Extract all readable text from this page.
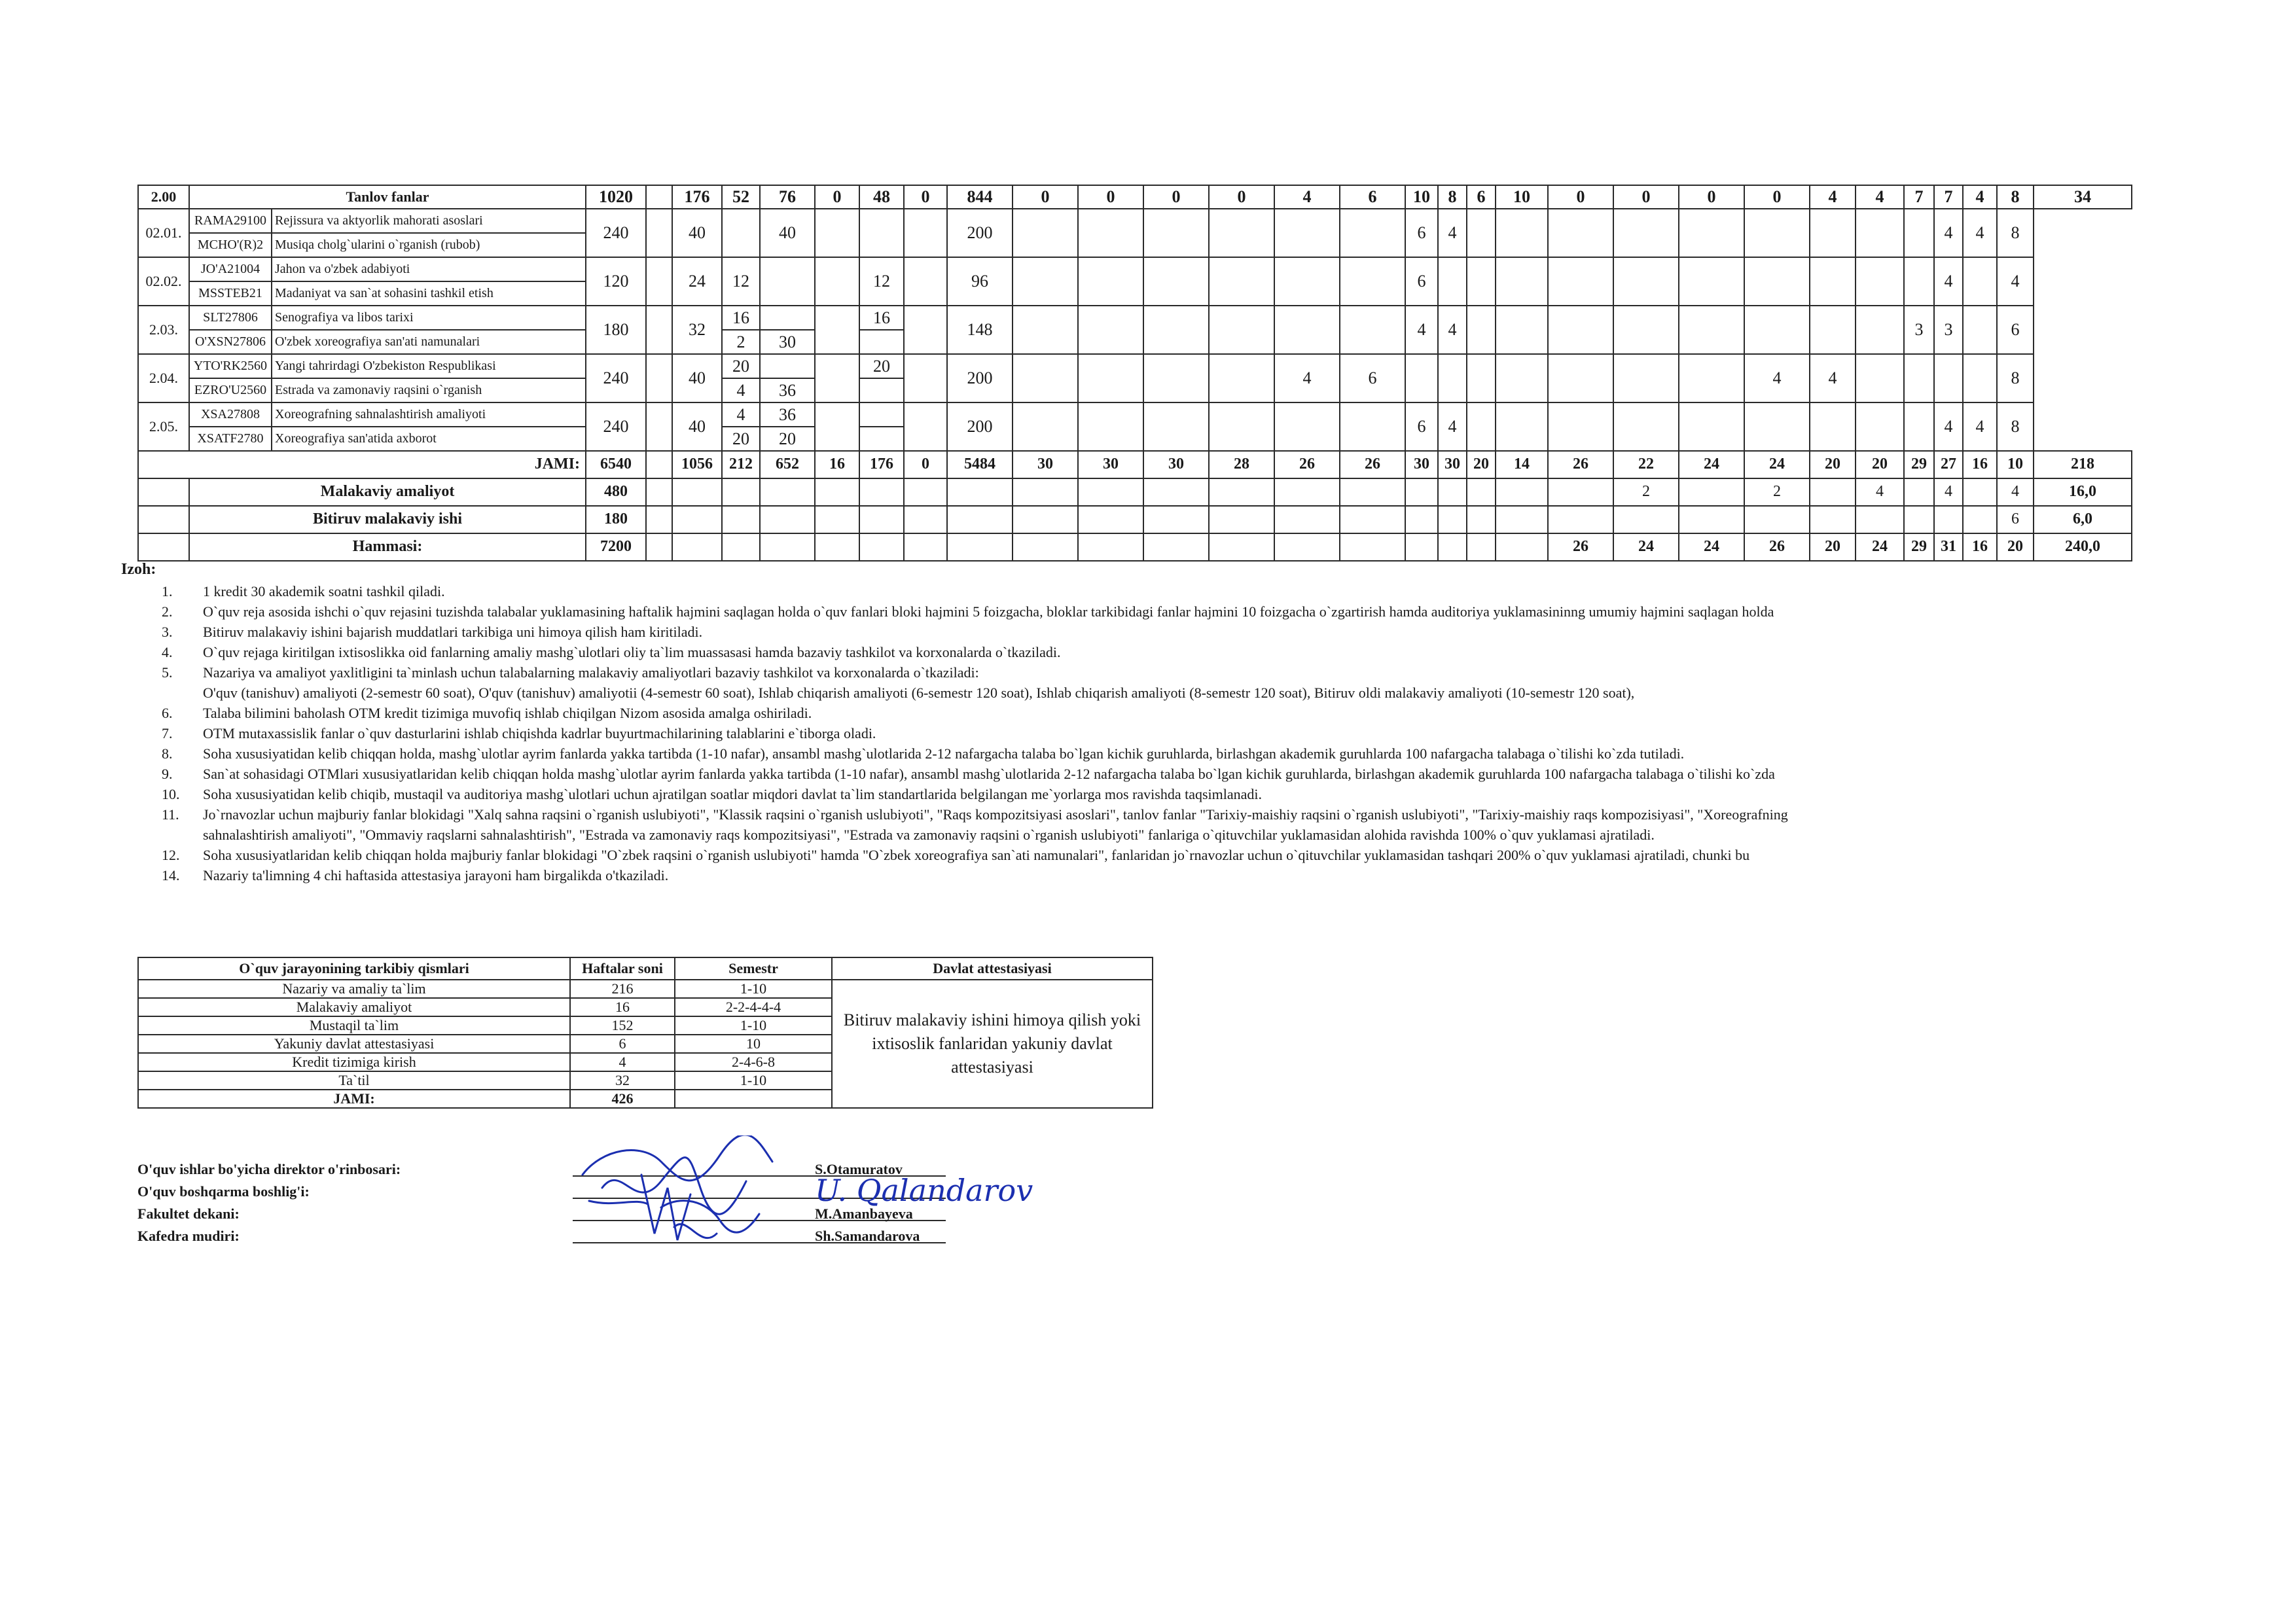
2.00	Tanlov fanlar		1020		176	52	76	0	48	0	844	0	0	0	0	4	6	10	8	6	10	0	0	0	0	4	4	7	7	4	8	34
02.01.	RAMA29100	Rejissura va aktyorlik mahorati asoslari	240		40		40				200							6	4										4	4	8	
	MCHO'(R)2	Musiqa cholg`ularini o`rganish (rubob)																														
02.02.	JO'A21004	Jahon va o'zbek adabiyoti	120		24	12			12		96							6											4		4	
	MSSTEB21	Madaniyat va san`at sohasini tashkil etish																														
2.03.	SLT27806	Senografiya va libos tarixi	180		32	16			16		148							4	4									3	3		6	
	O'XSN27806	O'zbek xoreografiya san'ati namunalari				2	30																									
2.04.	YTO'RK2560	Yangi tahrirdagi O'zbekiston Respublikasi	240		40	20			20		200					4	6								4	4					8	
	EZRO'U2560	Estrada va zamonaviy raqsini o`rganish				4	36																									
2.05.	XSA27808	Xoreografning sahnalashtirish amaliyoti	240		40	4	36				200							6	4										4	4	8	
	XSATF2780	Xoreografiya san'atida axborot				20	20																									
JAMI:			6540		1056	212	652	16	176	0	5484	30	30	30	28	26	26	30	30	20	14	26	22	24	24	20	20	29	27	16	10	218
	Malakaviy amaliyot		480																				2		2		4		4		4	16,0
	Bitiruv malakaviy ishi		180																												6	6,0
	Hammasi:		7200																			26	24	24	26	20	24	29	31	16	20	240,0
Izoh:
1.	1 kredit 30 akademik soatni tashkil qiladi.
2.	O`quv reja asosida ishchi o`quv rejasini tuzishda talabalar yuklamasining haftalik hajmini saqlagan holda o`quv fanlari bloki hajmini 5 foizgacha, bloklar tarkibidagi fanlar hajmini 10 foizgacha o`zgartirish hamda auditoriya yuklamasininng umumiy hajmini saqlagan holda
3.	Bitiruv malakaviy ishini bajarish muddatlari tarkibiga uni himoya qilish ham kiritiladi.
4.	O`quv rejaga kiritilgan ixtisoslikka oid fanlarning amaliy mashg`ulotlari oliy ta`lim muassasasi hamda bazaviy tashkilot va korxonalarda o`tkaziladi.
5.	Nazariya va amaliyot yaxlitligini ta`minlash uchun talabalarning malakaviy amaliyotlari bazaviy tashkilot va korxonalarda o`tkaziladi:
O'quv (tanishuv) amaliyoti (2-semestr 60 soat), O'quv (tanishuv) amaliyotii (4-semestr 60 soat), Ishlab chiqarish amaliyoti (6-semestr 120 soat), Ishlab chiqarish amaliyoti (8-semestr 120 soat), Bitiruv oldi malakaviy amaliyoti (10-semestr 120 soat),
6.	Talaba bilimini baholash OTM kredit tizimiga muvofiq ishlab chiqilgan Nizom asosida amalga oshiriladi.
7.	OTM mutaxassislik fanlar o`quv dasturlarini ishlab chiqishda kadrlar buyurtmachilarining talablarini e`tiborga oladi.
8.	Soha xususiyatidan kelib chiqqan holda, mashg`ulotlar ayrim fanlarda yakka tartibda (1-10 nafar), ansambl mashg`ulotlarida 2-12 nafargacha talaba bo`lgan kichik guruhlarda, birlashgan akademik guruhlarda 100 nafargacha talabaga o`tilishi ko`zda tutiladi.
9.	San`at sohasidagi OTMlari xususiyatlaridan kelib chiqqan holda mashg`ulotlar ayrim fanlarda yakka tartibda (1-10 nafar), ansambl mashg`ulotlarida 2-12 nafargacha talaba bo`lgan kichik guruhlarda, birlashgan akademik guruhlarda 100 nafargacha talabaga o`tilishi ko`zda
10.	Soha xususiyatidan kelib chiqib, mustaqil va auditoriya mashg`ulotlari uchun ajratilgan soatlar miqdori davlat ta`lim standartlarida belgilangan me`yorlarga mos ravishda taqsimlanadi.
11.	Jo`rnavozlar uchun majburiy fanlar blokidagi "Xalq sahna raqsini o`rganish uslubiyoti", "Klassik raqsini o`rganish uslubiyoti", "Raqs kompozitsiyasi asoslari", tanlov fanlar "Tarixiy-maishiy raqsini o`rganish uslubiyoti", "Tarixiy-maishiy raqs kompozisiyasi", "Xoreografning
sahnalashtirish amaliyoti", "Ommaviy raqslarni sahnalashtirish", "Estrada va zamonaviy raqs kompozitsiyasi", "Estrada va zamonaviy raqsini o`rganish uslubiyoti" fanlariga o`qituvchilar yuklamasidan alohida ravishda 100% o`quv yuklamasi ajratiladi.
12.	Soha xususiyatlaridan kelib chiqqan holda majburiy fanlar blokidagi "O`zbek raqsini o`rganish uslubiyoti" hamda "O`zbek xoreografiya san`ati namunalari", fanlaridan jo`rnavozlar uchun o`qituvchilar yuklamasidan tashqari 200% o`quv yuklamasi ajratiladi, chunki bu
14.	Nazariy ta'limning 4 chi haftasida attestasiya jarayoni ham birgalikda o'tkaziladi.
O`quv jarayonining tarkibiy qismlari	Haftalar soni	Semestr	Davlat attestasiyasi
Nazariy va amaliy ta`lim	216	1-10	Bitiruv malakaviy ishini himoya qilish yoki ixtisoslik fanlaridan yakuniy davlat attestasiyasi
Malakaviy amaliyot	16	2-2-4-4-4	
Mustaqil ta`lim	152	1-10	
Yakuniy davlat attestasiyasi	6	10	
Kredit tizimiga kirish	4	2-4-6-8	
Ta`til	32	1-10	
JAMI:	426		
O'quv ishlar bo'yicha direktor o'rinbosari:	S.Otamuratov
O'quv boshqarma boshlig'i:
Fakultet dekani:	M.Amanbayeva
Kafedra mudiri:	Sh.Samandarova
U. Qalandarov
